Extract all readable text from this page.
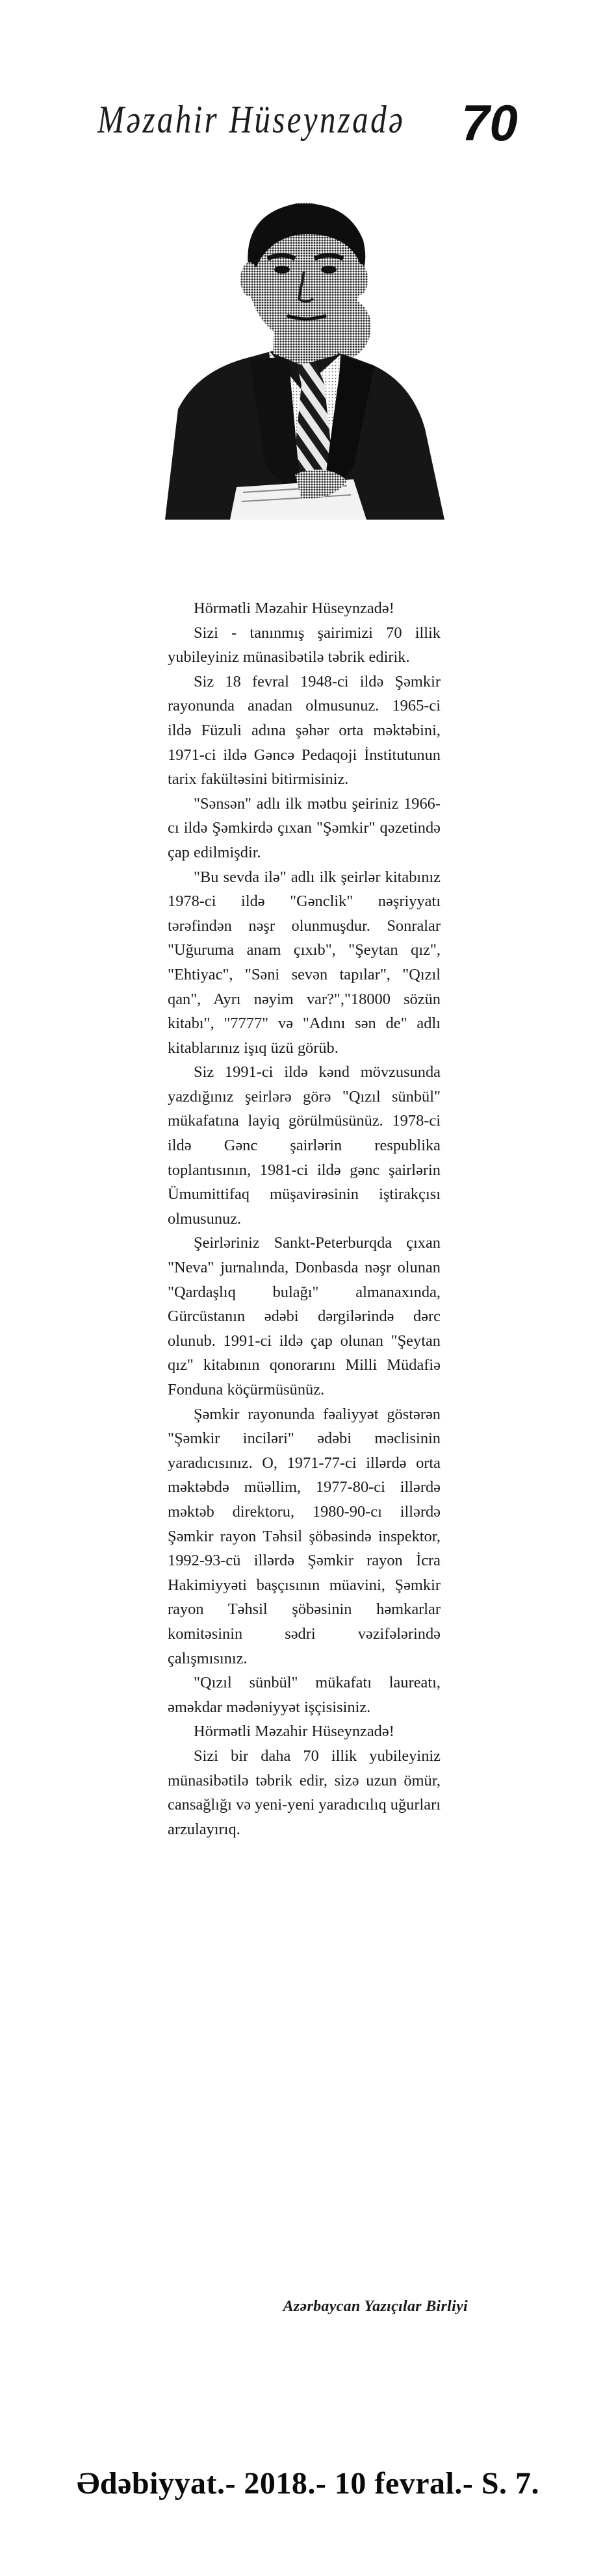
Məzahir Hüseynzadə 70

Hörmətli Məzahir Hüseynzadə!

Sizi - tanınmış şairimizi 70 illik yubileyiniz münasibətilə təbrik edirik.

Siz 18 fevral 1948-ci ildə Şəmkir rayonunda anadan olmusunuz. 1965-ci ildə Füzuli adına şəhər orta məktəbini, 1971-ci ildə Gəncə Pedaqoji İnstitutunun tarix fakültəsini bitirmisiniz.

"Sənsən" adlı ilk mətbu şeiriniz 1966-cı ildə Şəmkirdə çıxan "Şəmkir" qəzetində çap edilmişdir.

"Bu sevda ilə" adlı ilk şeirlər kitabınız 1978-ci ildə "Gənclik" nəşriyyatı tərəfindən nəşr olunmuşdur. Sonralar "Uğuruma anam çıxıb", "Şeytan qız", "Ehtiyac", "Səni sevən tapılar", "Qızıl qan", Ayrı nəyim var?","18000 sözün kitabı", "7777" və "Adını sən de" adlı kitablarınız işıq üzü görüb.

Siz 1991-ci ildə kənd mövzusunda yazdığınız şeirlərə görə "Qızıl sünbül" mükafatına layiq görülmüsünüz. 1978-ci ildə Gənc şairlərin respublika toplantısının, 1981-ci ildə gənc şairlərin Ümumittifaq müşavirəsinin iştirakçısı olmusunuz.

Şeirləriniz Sankt-Peterburqda çıxan "Neva" jurnalında, Donbasda nəşr olunan "Qardaşlıq bulağı" almanaxında, Gürcüstanın ədəbi dərgilərində dərc olunub. 1991-ci ildə çap olunan "Şeytan qız" kitabının qonorarını Milli Müdafiə Fonduna köçürmüsünüz.

Şəmkir rayonunda fəaliyyət göstərən "Şəmkir inciləri" ədəbi məclisinin yaradıcısınız. O, 1971-77-ci illərdə orta məktəbdə müəllim, 1977-80-ci illərdə məktəb direktoru, 1980-90-cı illərdə Şəmkir rayon Təhsil şöbəsində inspektor, 1992-93-cü illərdə Şəmkir rayon İcra Hakimiyyəti başçısının müavini, Şəmkir rayon Təhsil şöbəsinin həmkarlar komitəsinin sədri vəzifələrində çalışmısınız.

"Qızıl sünbül" mükafatı laureatı, əməkdar mədəniyyət işçisisiniz.

Hörmətli Məzahir Hüseynzadə!

Sizi bir daha 70 illik yubileyiniz münasibətilə təbrik edir, sizə uzun ömür, cansağlığı və yeni-yeni yaradıcılıq uğurları arzulayırıq.

Azərbaycan Yazıçılar Birliyi
Ədəbiyyat.- 2018.- 10 fevral.- S. 7.
